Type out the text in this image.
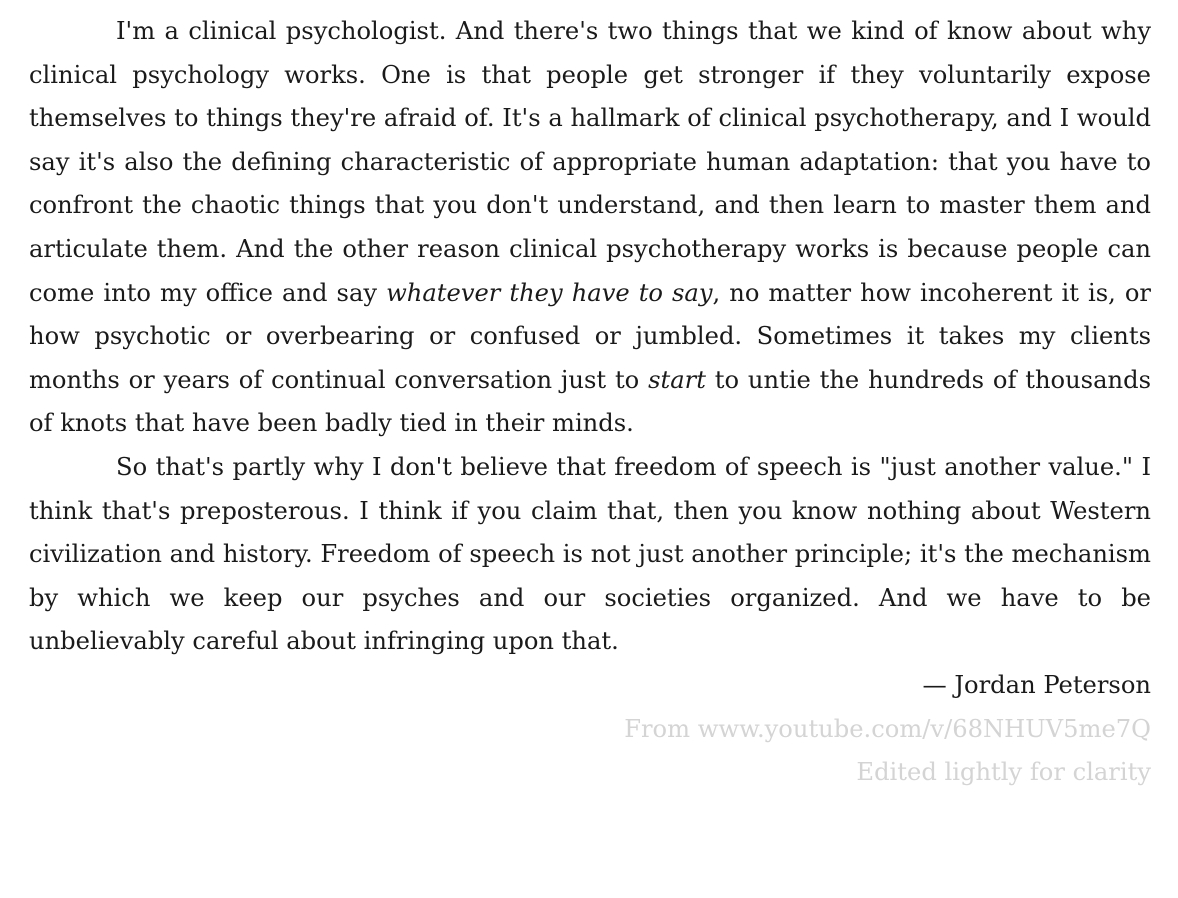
I'm a clinical psychologist. And there's two things that we kind of know about why clinical psychology works. One is that people get stronger if they voluntarily expose themselves to things they're afraid of. It's a hallmark of clinical psychotherapy, and I would say it's also the defining characteristic of appropriate human adaptation: that you have to confront the chaotic things that you don't understand, and then learn to master them and articulate them. And the other reason clinical psychotherapy works is because people can come into my office and say whatever they have to say, no matter how incoherent it is, or how psychotic or overbearing or confused or jumbled. Sometimes it takes my clients months or years of continual conversation just to start to untie the hundreds of thousands of knots that have been badly tied in their minds.

So that's partly why I don't believe that freedom of speech is "just another value." I think that's preposterous. I think if you claim that, then you know nothing about Western civilization and history. Freedom of speech is not just another principle; it's the mechanism by which we keep our psyches and our societies organized. And we have to be unbelievably careful about infringing upon that.

— Jordan Peterson

From www.youtube.com/v/68NHUV5me7Q

Edited lightly for clarity
